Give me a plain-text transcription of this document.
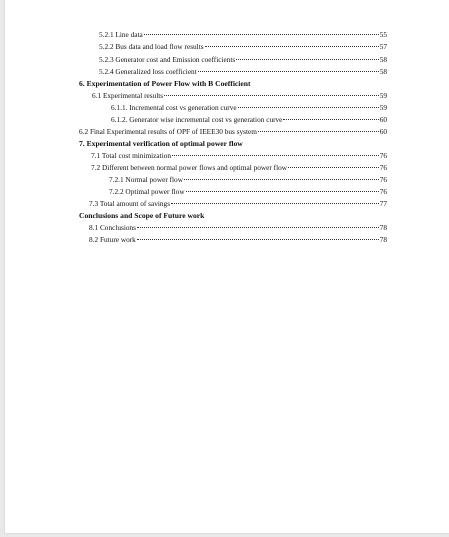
5.2.1 Line data	55
5.2.2 Bus data and load flow results	57
5.2.3 Generator cost and Emission coefficients	58
5.2.4 Generalized loss coefficient	58
6. Experimentation of Power Flow with B Coefficient
6.1 Experimental results	59
6.1.1. Incremental cost vs generation curve	59
6.1.2. Generator wise incremental cost vs generation curve	60
6.2 Final Experimental results of OPF of IEEE30 bus system	60
7. Experimental verification of optimal power flow
7.1 Total cost minimization	76
7.2 Different between normal power flows and optimal power flow	76
7.2.1 Normal power flow	76
7.2.2 Optimal power flow	76
7.3 Total amount of savings	77
Conclusions and Scope of Future work
8.1 Conclusions	78
8.2 Future work	78
